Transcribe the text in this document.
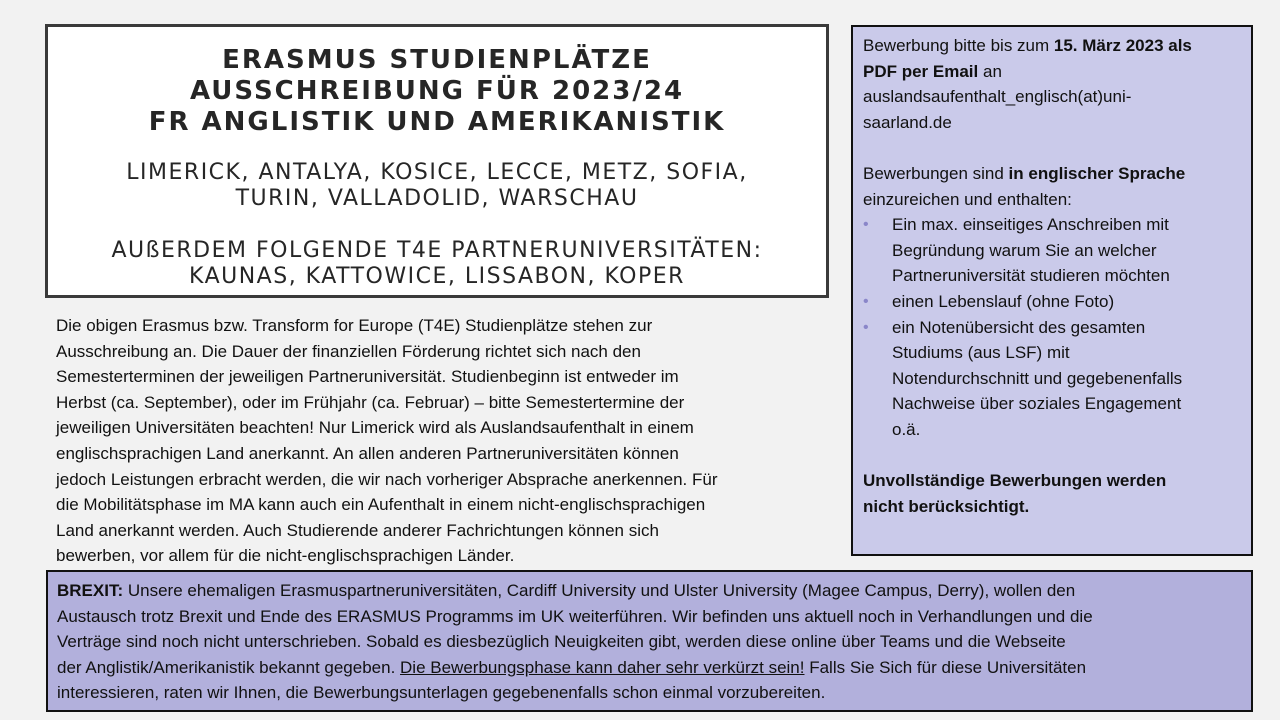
ERASMUS STUDIENPLÄTZE
AUSSCHREIBUNG FÜR 2023/24
FR ANGLISTIK UND AMERIKANISTIK
LIMERICK, ANTALYA, KOSICE, LECCE, METZ, SOFIA,
TURIN, VALLADOLID, WARSCHAU
AUßERDEM FOLGENDE T4E PARTNERUNIVERSITÄTEN:
KAUNAS, KATTOWICE, LISSABON, KOPER
Die obigen Erasmus bzw. Transform for Europe (T4E) Studienplätze stehen zur
Ausschreibung an. Die Dauer der finanziellen Förderung richtet sich nach den
Semesterterminen der jeweiligen Partneruniversität. Studienbeginn ist entweder im
Herbst (ca. September), oder im Frühjahr (ca. Februar) – bitte Semestertermine der
jeweiligen Universitäten beachten! Nur Limerick wird als Auslandsaufenthalt in einem
englischsprachigen Land anerkannt. An allen anderen Partneruniversitäten können
jedoch Leistungen erbracht werden, die wir nach vorheriger Absprache anerkennen. Für
die Mobilitätsphase im MA kann auch ein Aufenthalt in einem nicht-englischsprachigen
Land anerkannt werden. Auch Studierende anderer Fachrichtungen können sich
bewerben, vor allem für die nicht-englischsprachigen Länder.
Bewerbung bitte bis zum 15. März 2023 als
PDF per Email an
auslandsaufenthalt_englisch(at)uni-
saarland.de
Bewerbungen sind in englischer Sprache
einzureichen und enthalten:
• Ein max. einseitiges Anschreiben mit
Begründung warum Sie an welcher
Partneruniversität studieren möchten
• einen Lebenslauf (ohne Foto)
• ein Notenübersicht des gesamten
Studiums (aus LSF) mit
Notendurchschnitt und gegebenenfalls
Nachweise über soziales Engagement
o.ä.
Unvollständige Bewerbungen werden
nicht berücksichtigt.
BREXIT: Unsere ehemaligen Erasmuspartneruniversitäten, Cardiff University und Ulster University (Magee Campus, Derry), wollen den
Austausch trotz Brexit und Ende des ERASMUS Programms im UK weiterführen. Wir befinden uns aktuell noch in Verhandlungen und die
Verträge sind noch nicht unterschrieben. Sobald es diesbezüglich Neuigkeiten gibt, werden diese online über Teams und die Webseite
der Anglistik/Amerikanistik bekannt gegeben. Die Bewerbungsphase kann daher sehr verkürzt sein! Falls Sie Sich für diese Universitäten
interessieren, raten wir Ihnen, die Bewerbungsunterlagen gegebenenfalls schon einmal vorzubereiten.
